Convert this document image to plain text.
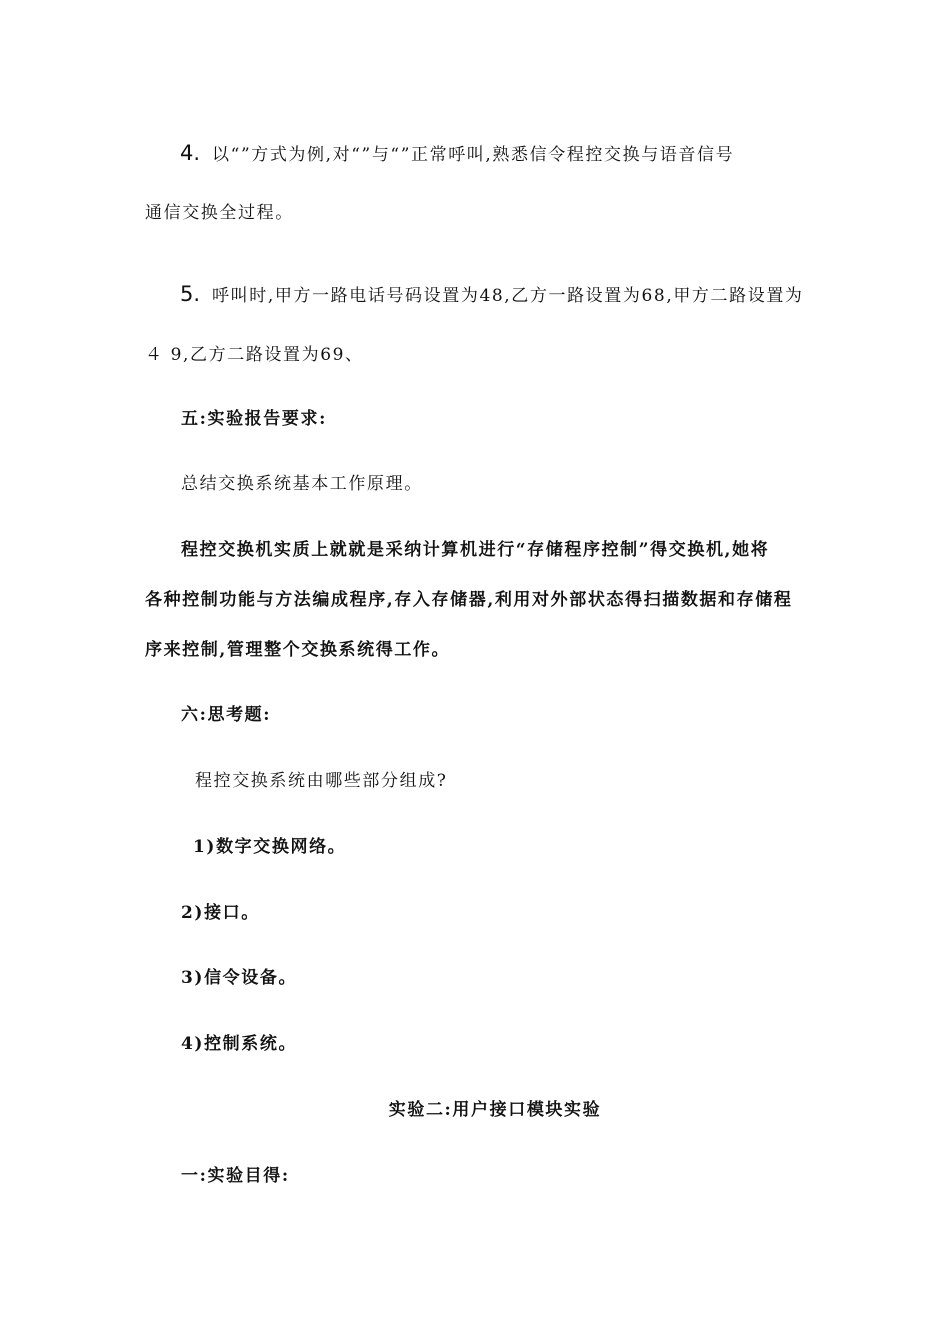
4. 以“”方式为例,对“”与“”正常呼叫,熟悉信令程控交换与语音信号
通信交换全过程。
5. 呼叫时,甲方一路电话号码设置为48,乙方一路设置为68,甲方二路设置为
４ 9,乙方二路设置为69、
五:实验报告要求:
总结交换系统基本工作原理。
程控交换机实质上就就是采纳计算机进行“存储程序控制”得交换机,她将
各种控制功能与方法编成程序,存入存储器,利用对外部状态得扫描数据和存储程
序来控制,管理整个交换系统得工作。
六:思考题:
程控交换系统由哪些部分组成?
1)数字交换网络。
2)接口。
3)信令设备。
4)控制系统。
实验二:用户接口模块实验
一:实验目得:
